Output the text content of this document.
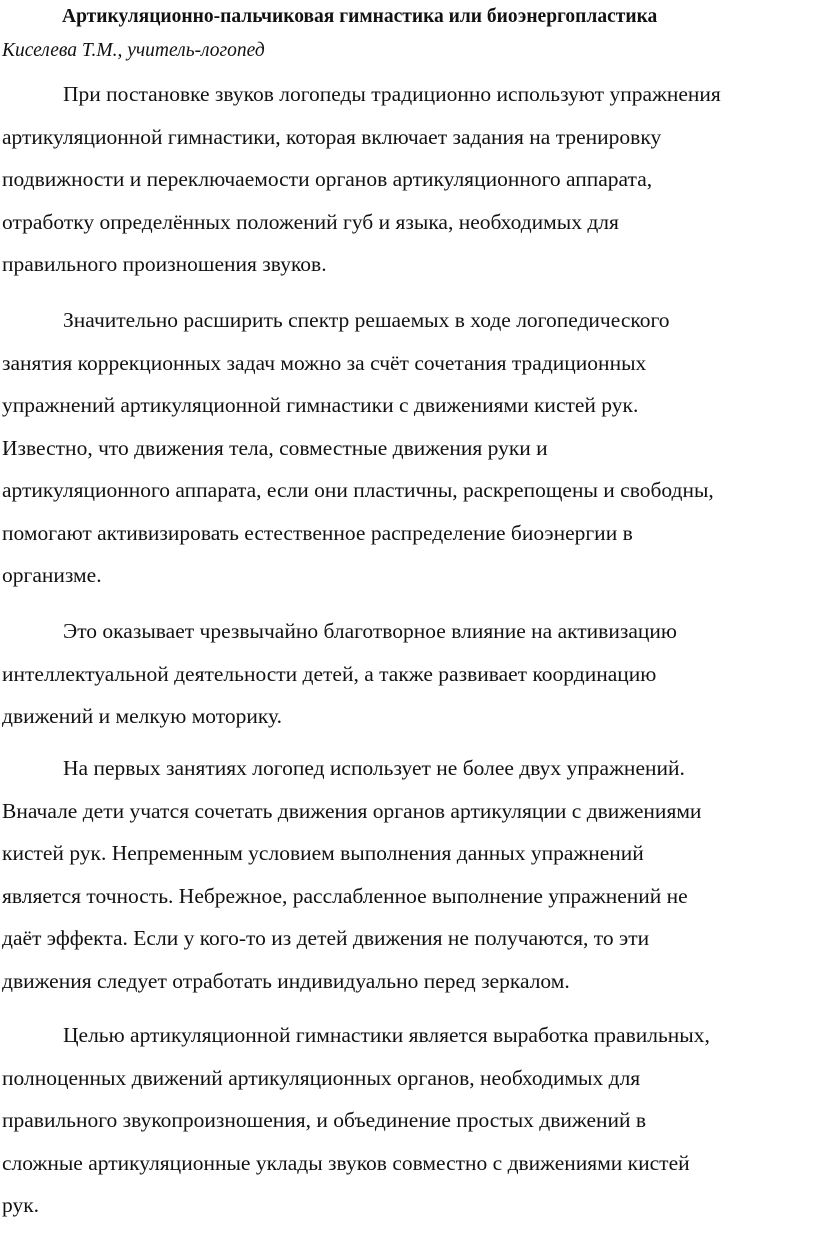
Артикуляционно-пальчиковая гимнастика или биоэнергопластика

Киселева Т.М., учитель-логопед

При постановке звуков логопеды традиционно используют упражнения
артикуляционной гимнастики, которая включает задания на тренировку
подвижности и переключаемости органов артикуляционного аппарата,
отработку определённых положений губ и языка, необходимых для
правильного произношения звуков.

Значительно расширить спектр решаемых в ходе логопедического
занятия коррекционных задач можно за счёт сочетания традиционных
упражнений артикуляционной гимнастики с движениями кистей рук.
Известно, что движения тела, совместные движения руки и
артикуляционного аппарата, если они пластичны, раскрепощены и свободны,
помогают активизировать естественное распределение биоэнергии в
организме.

Это оказывает чрезвычайно благотворное влияние на активизацию
интеллектуальной деятельности детей, а также развивает координацию
движений и мелкую моторику.

На первых занятиях логопед использует не более двух упражнений.
Вначале дети учатся сочетать движения органов артикуляции с движениями
кистей рук. Непременным условием выполнения данных упражнений
является точность. Небрежное, расслабленное выполнение упражнений не
даёт эффекта. Если у кого-то из детей движения не получаются, то эти
движения следует отработать индивидуально перед зеркалом.

Целью артикуляционной гимнастики является выработка правильных,
полноценных движений артикуляционных органов, необходимых для
правильного звукопроизношения, и объединение простых движений в
сложные артикуляционные уклады звуков совместно с движениями кистей
рук.
